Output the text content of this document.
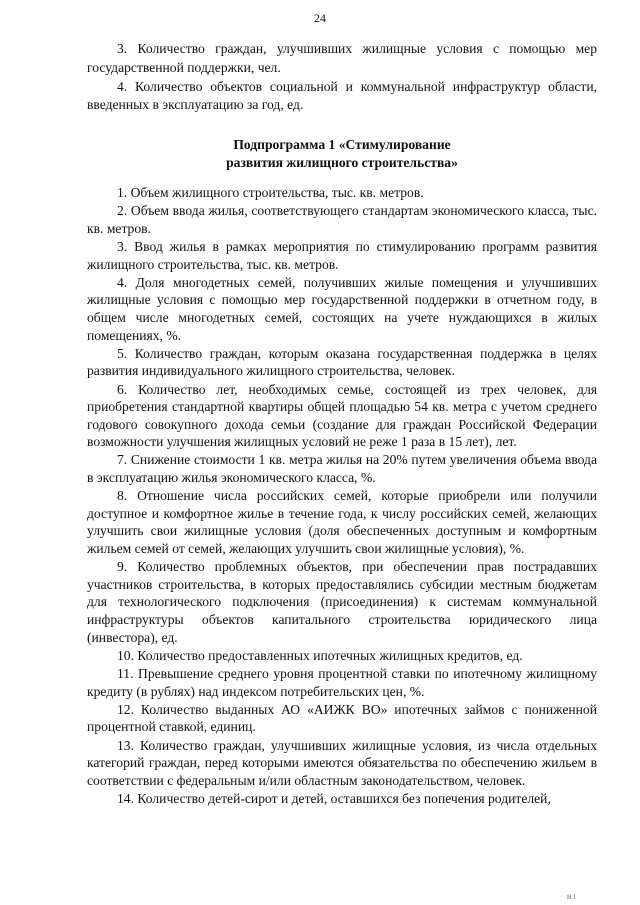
24

3. Количество граждан, улучшивших жилищные условия с помощью мер государственной поддержки, чел.

4. Количество объектов социальной и коммунальной инфраструктур области, введенных в эксплуатацию за год, ед.

Подпрограмма 1 «Стимулирование
развития жилищного строительства»

1. Объем жилищного строительства, тыс. кв. метров.

2. Объем ввода жилья, соответствующего стандартам экономического класса, тыс. кв. метров.

3. Ввод жилья в рамках мероприятия по стимулированию программ развития жилищного строительства, тыс. кв. метров.

4. Доля многодетных семей, получивших жилые помещения и улучшивших жилищные условия с помощью мер государственной поддержки в отчетном году, в общем числе многодетных семей, состоящих на учете нуждающихся в жилых помещениях, %.

5. Количество граждан, которым оказана государственная поддержка в целях развития индивидуального жилищного строительства, человек.

6. Количество лет, необходимых семье, состоящей из трех человек, для приобретения стандартной квартиры общей площадью 54 кв. метра с учетом среднего годового совокупного дохода семьи (создание для граждан Российской Федерации возможности улучшения жилищных условий не реже 1 раза в 15 лет), лет.

7. Снижение стоимости 1 кв. метра жилья на 20% путем увеличения объема ввода в эксплуатацию жилья экономического класса, %.

8. Отношение числа российских семей, которые приобрели или получили доступное и комфортное жилье в течение года, к числу российских семей, желающих улучшить свои жилищные условия (доля обеспеченных доступным и комфортным жильем семей от семей, желающих улучшить свои жилищные условия), %.

9. Количество проблемных объектов, при обеспечении прав пострадавших участников строительства, в которых предоставлялись субсидии местным бюджетам для технологического подключения (присоединения) к системам коммунальной инфраструктуры объектов капитального строительства юридического лица (инвестора), ед.

10. Количество предоставленных ипотечных жилищных кредитов, ед.

11. Превышение среднего уровня процентной ставки по ипотечному жилищному кредиту (в рублях) над индексом потребительских цен, %.

12. Количество выданных АО «АИЖК ВО» ипотечных займов с пониженной процентной ставкой, единиц.

13. Количество граждан, улучшивших жилищные условия, из числа отдельных категорий граждан, перед которыми имеются обязательства по обеспечению жильем в соответствии с федеральным и/или областным законодательством, человек.

14. Количество детей-сирот и детей, оставшихся без попечения родителей,

и і
